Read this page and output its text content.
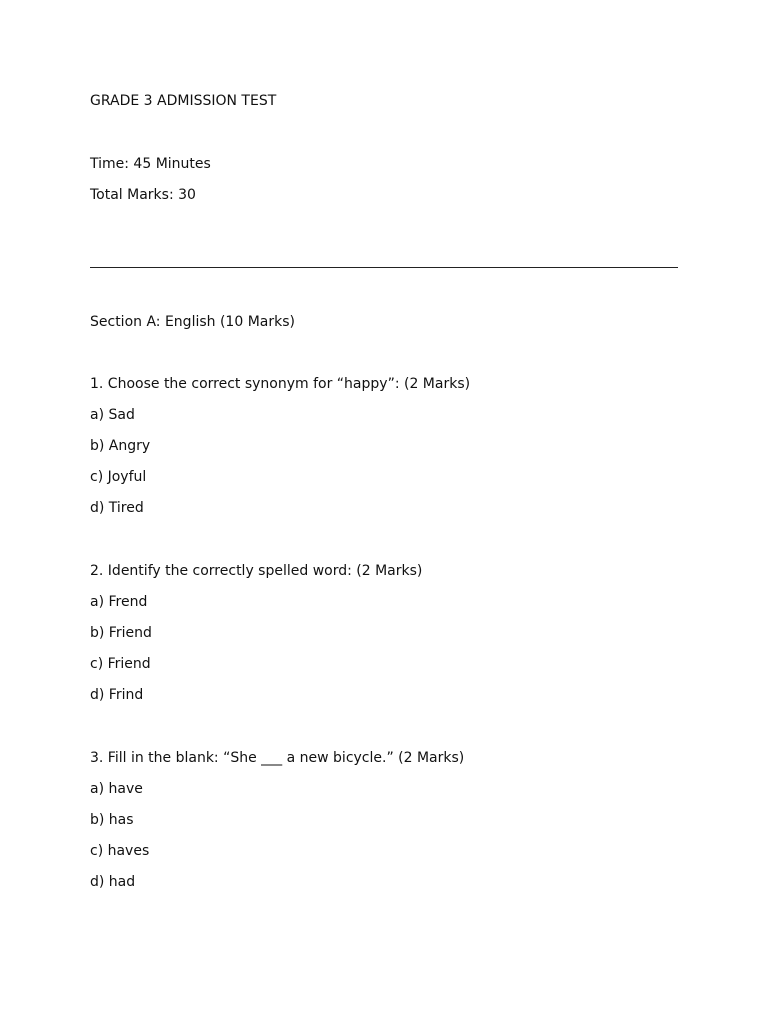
GRADE 3 ADMISSION TEST
Time: 45 Minutes
Total Marks: 30
Section A: English (10 Marks)
1. Choose the correct synonym for “happy”: (2 Marks)
a) Sad
b) Angry
c) Joyful
d) Tired
2. Identify the correctly spelled word: (2 Marks)
a) Frend
b) Friend
c) Friend
d) Frind
3. Fill in the blank: “She ___ a new bicycle.” (2 Marks)
a) have
b) has
c) haves
d) had
